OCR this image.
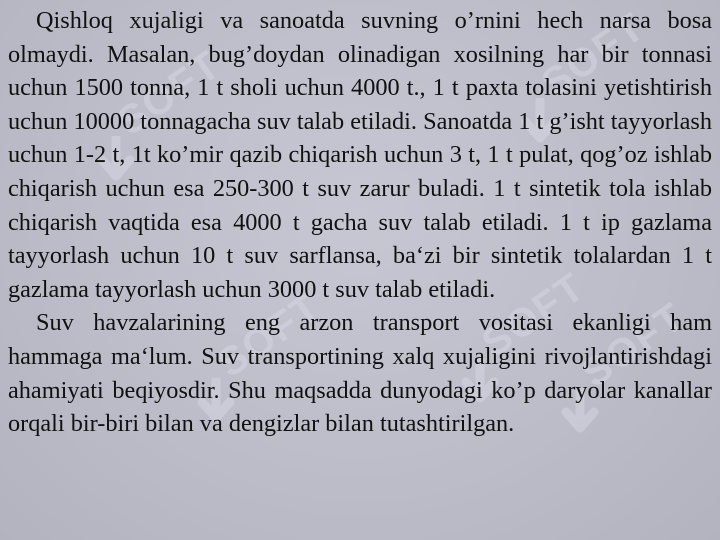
SOFT
SOFT	SOFT
SOFT
SOFT

Qishloq xujaligi va sanoatda suvning o’rnini hech narsa bosa olmaydi. Masalan, bug’doydan olinadigan xosilning har bir tonnasi uchun 1500 tonna, 1 t sholi uchun 4000 t., 1 t paxta tolasini yetishtirish uchun 10000 tonnagacha suv talab etiladi. Sanoatda 1 t g’isht tayyorlash uchun 1-2 t, 1t ko’mir qazib chiqarish uchun 3 t, 1 t pulat, qog’oz ishlab chiqarish uchun esa 250-300 t suv zarur buladi. 1 t sintetik tola ishlab chiqarish vaqtida esa 4000 t gacha suv talab etiladi. 1 t ip gazlama tayyorlash uchun 10 t suv sarflansa, ba‘zi bir sintetik tolalardan 1 t gazlama tayyorlash uchun 3000 t suv talab etiladi.

Suv havzalarining eng arzon transport vositasi ekanligi ham hammaga ma‘lum. Suv transportining xalq xujaligini rivojlantirishdagi ahamiyati beqiyosdir. Shu maqsadda dunyodagi ko’p daryolar kanallar orqali bir-biri bilan va dengizlar bilan tutashtirilgan.
